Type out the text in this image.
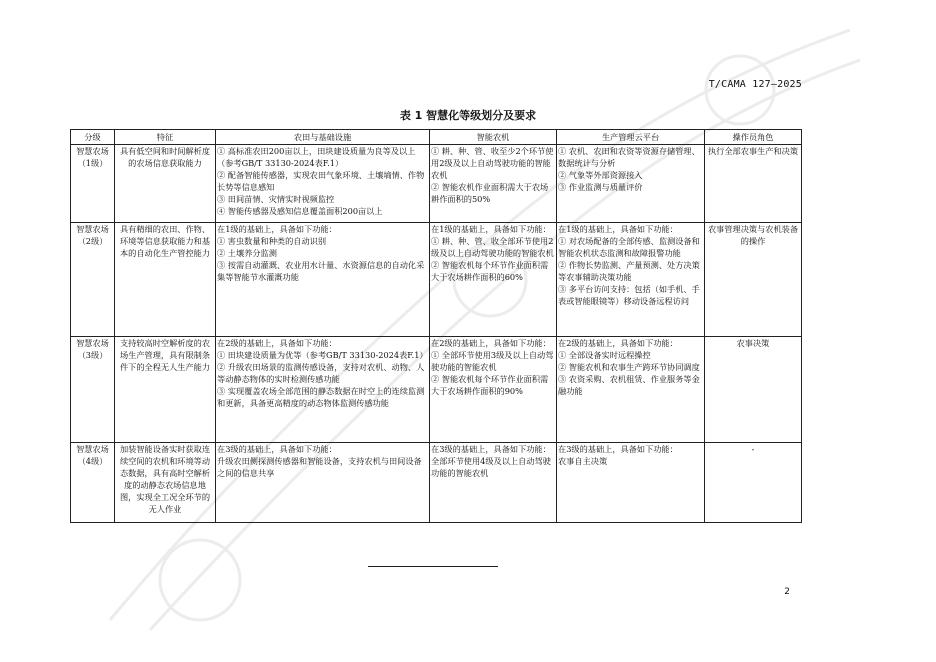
T/CAMA 127—2025
表 1 智慧化等级划分及要求
分级	特征	农田与基础设施	智能农机	生产管理云平台	操作员角色
智慧农场（1级）	具有低空间和时间解析度的农场信息获取能力	① 高标准农田200亩以上，田块建设质量为良等及以上（参考GB/T 33130-2024表F.1）
② 配备智能传感器，实现农田气象环境、土壤墒情、作物长势等信息感知
③ 田间苗情、灾情实时视频监控
④ 智能传感器及感知信息覆盖面积200亩以上	① 耕、种、管、收至少2个环节使用2级及以上自动驾驶功能的智能农机
② 智能农机作业面积需大于农场耕作面积的50%	① 农机、农田和农资等资源存储管理、数据统计与分析
② 气象等外部资源接入
③ 作业监测与质量评价	执行全部农事生产和决策
智慧农场（2级）	具有精细的农田、作物、环境等信息获取能力和基本的自动化生产管控能力	在1级的基础上，具备如下功能：
① 害虫数量和种类的自动识别
② 土壤养分监测
③ 按需自动灌溉、农业用水计量、水资源信息的自动化采集等智能节水灌溉功能	在1级的基础上，具备如下功能：
① 耕、种、管、收全部环节使用2级及以上自动驾驶功能的智能农机
② 智能农机每个环节作业面积需大于农场耕作面积的60%	在1级的基础上，具备如下功能：
① 对农场配备的全部传感、监测设备和智能农机状态监测和故障报警功能
② 作物长势监测、产量预测、处方决策等农事辅助决策功能
③ 多平台访问支持：包括（如手机、手表或智能眼镜等）移动设备远程访问	农事管理决策与农机装备的操作
智慧农场（3级）	支持较高时空解析度的农场生产管理，具有限制条件下的全程无人生产能力	在2级的基础上，具备如下功能：
① 田块建设质量为优等（参考GB/T 33130-2024表F.1）
② 升级农田场景的监测传感设备，支持对农机、动物、人等动静态物体的实时检测传感功能
③ 实现覆盖农场全部范围的静态数据在时空上的连续监测和更新，具备更高精度的动态物体监测传感功能	在2级的基础上，具备如下功能：
① 全部环节使用3级及以上自动驾驶功能的智能农机
② 智能农机每个环节作业面积需大于农场耕作面积的90%	在2级的基础上，具备如下功能：
① 全部设备实时远程操控
② 智能农机和农事生产跨环节协同调度
③ 农资采购、农机租赁、作业服务等金融功能	农事决策
智慧农场（4级）	加装智能设备实时获取连续空间的农机和环境等动态数据，具有高时空解析度的动静态农场信息地图，实现全工况全环节的无人作业	在3级的基础上，具备如下功能：
升级农田侧探测传感器和智能设备，支持农机与田间设备之间的信息共享	在3级的基础上，具备如下功能：
全部环节使用4级及以上自动驾驶功能的智能农机	在3级的基础上，具备如下功能：
农事自主决策	-
2
